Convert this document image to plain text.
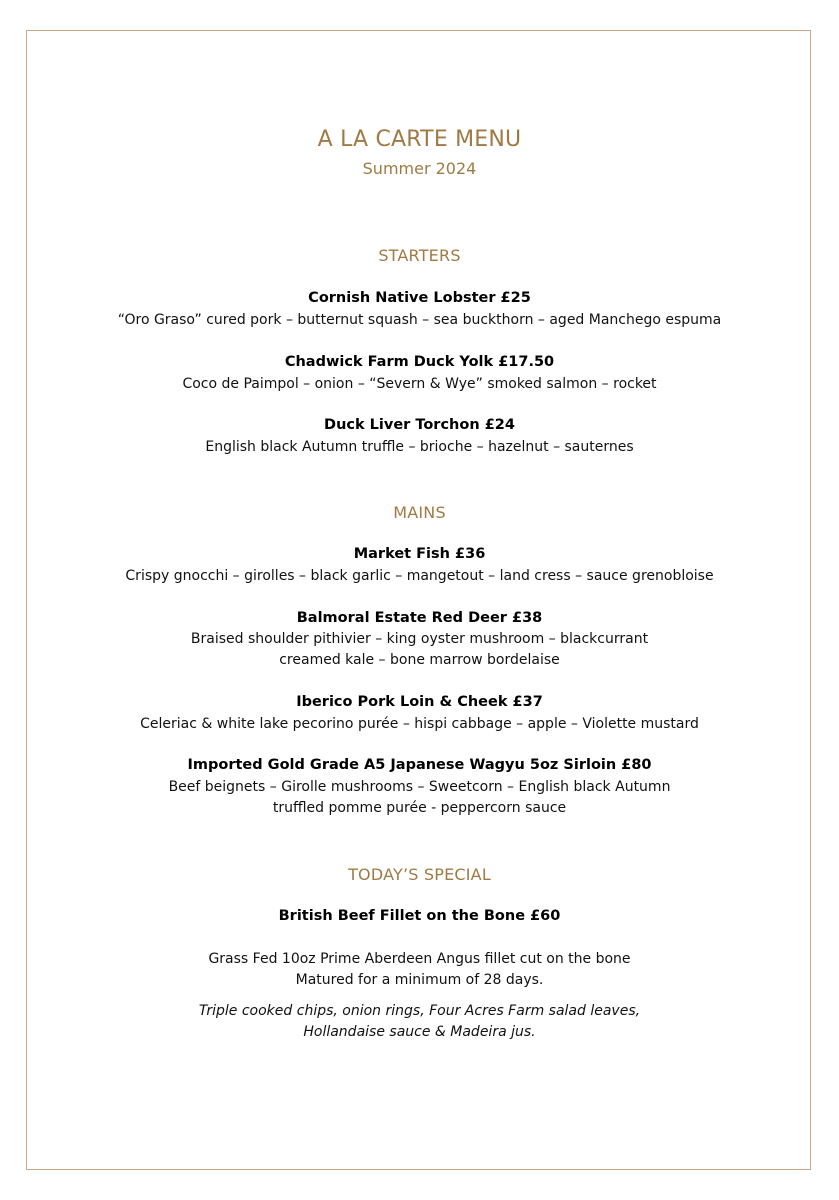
A LA CARTE MENU
Summer 2024
STARTERS
Cornish Native Lobster £25
“Oro Graso” cured pork – butternut squash – sea buckthorn – aged Manchego espuma
Chadwick Farm Duck Yolk £17.50
Coco de Paimpol – onion – “Severn & Wye” smoked salmon – rocket
Duck Liver Torchon £24
English black Autumn truffle – brioche – hazelnut – sauternes
MAINS
Market Fish £36
Crispy gnocchi – girolles – black garlic – mangetout – land cress – sauce grenobloise
Balmoral Estate Red Deer £38
Braised shoulder pithivier – king oyster mushroom – blackcurrant
creamed kale – bone marrow bordelaise
Iberico Pork Loin & Cheek £37
Celeriac & white lake pecorino purée – hispi cabbage – apple – Violette mustard
Imported Gold Grade A5 Japanese Wagyu 5oz Sirloin £80
Beef beignets – Girolle mushrooms – Sweetcorn – English black Autumn
truffled pomme purée - peppercorn sauce
TODAY’S SPECIAL
British Beef Fillet on the Bone £60
Grass Fed 10oz Prime Aberdeen Angus fillet cut on the bone
Matured for a minimum of 28 days.
Triple cooked chips, onion rings, Four Acres Farm salad leaves,
Hollandaise sauce & Madeira jus.
